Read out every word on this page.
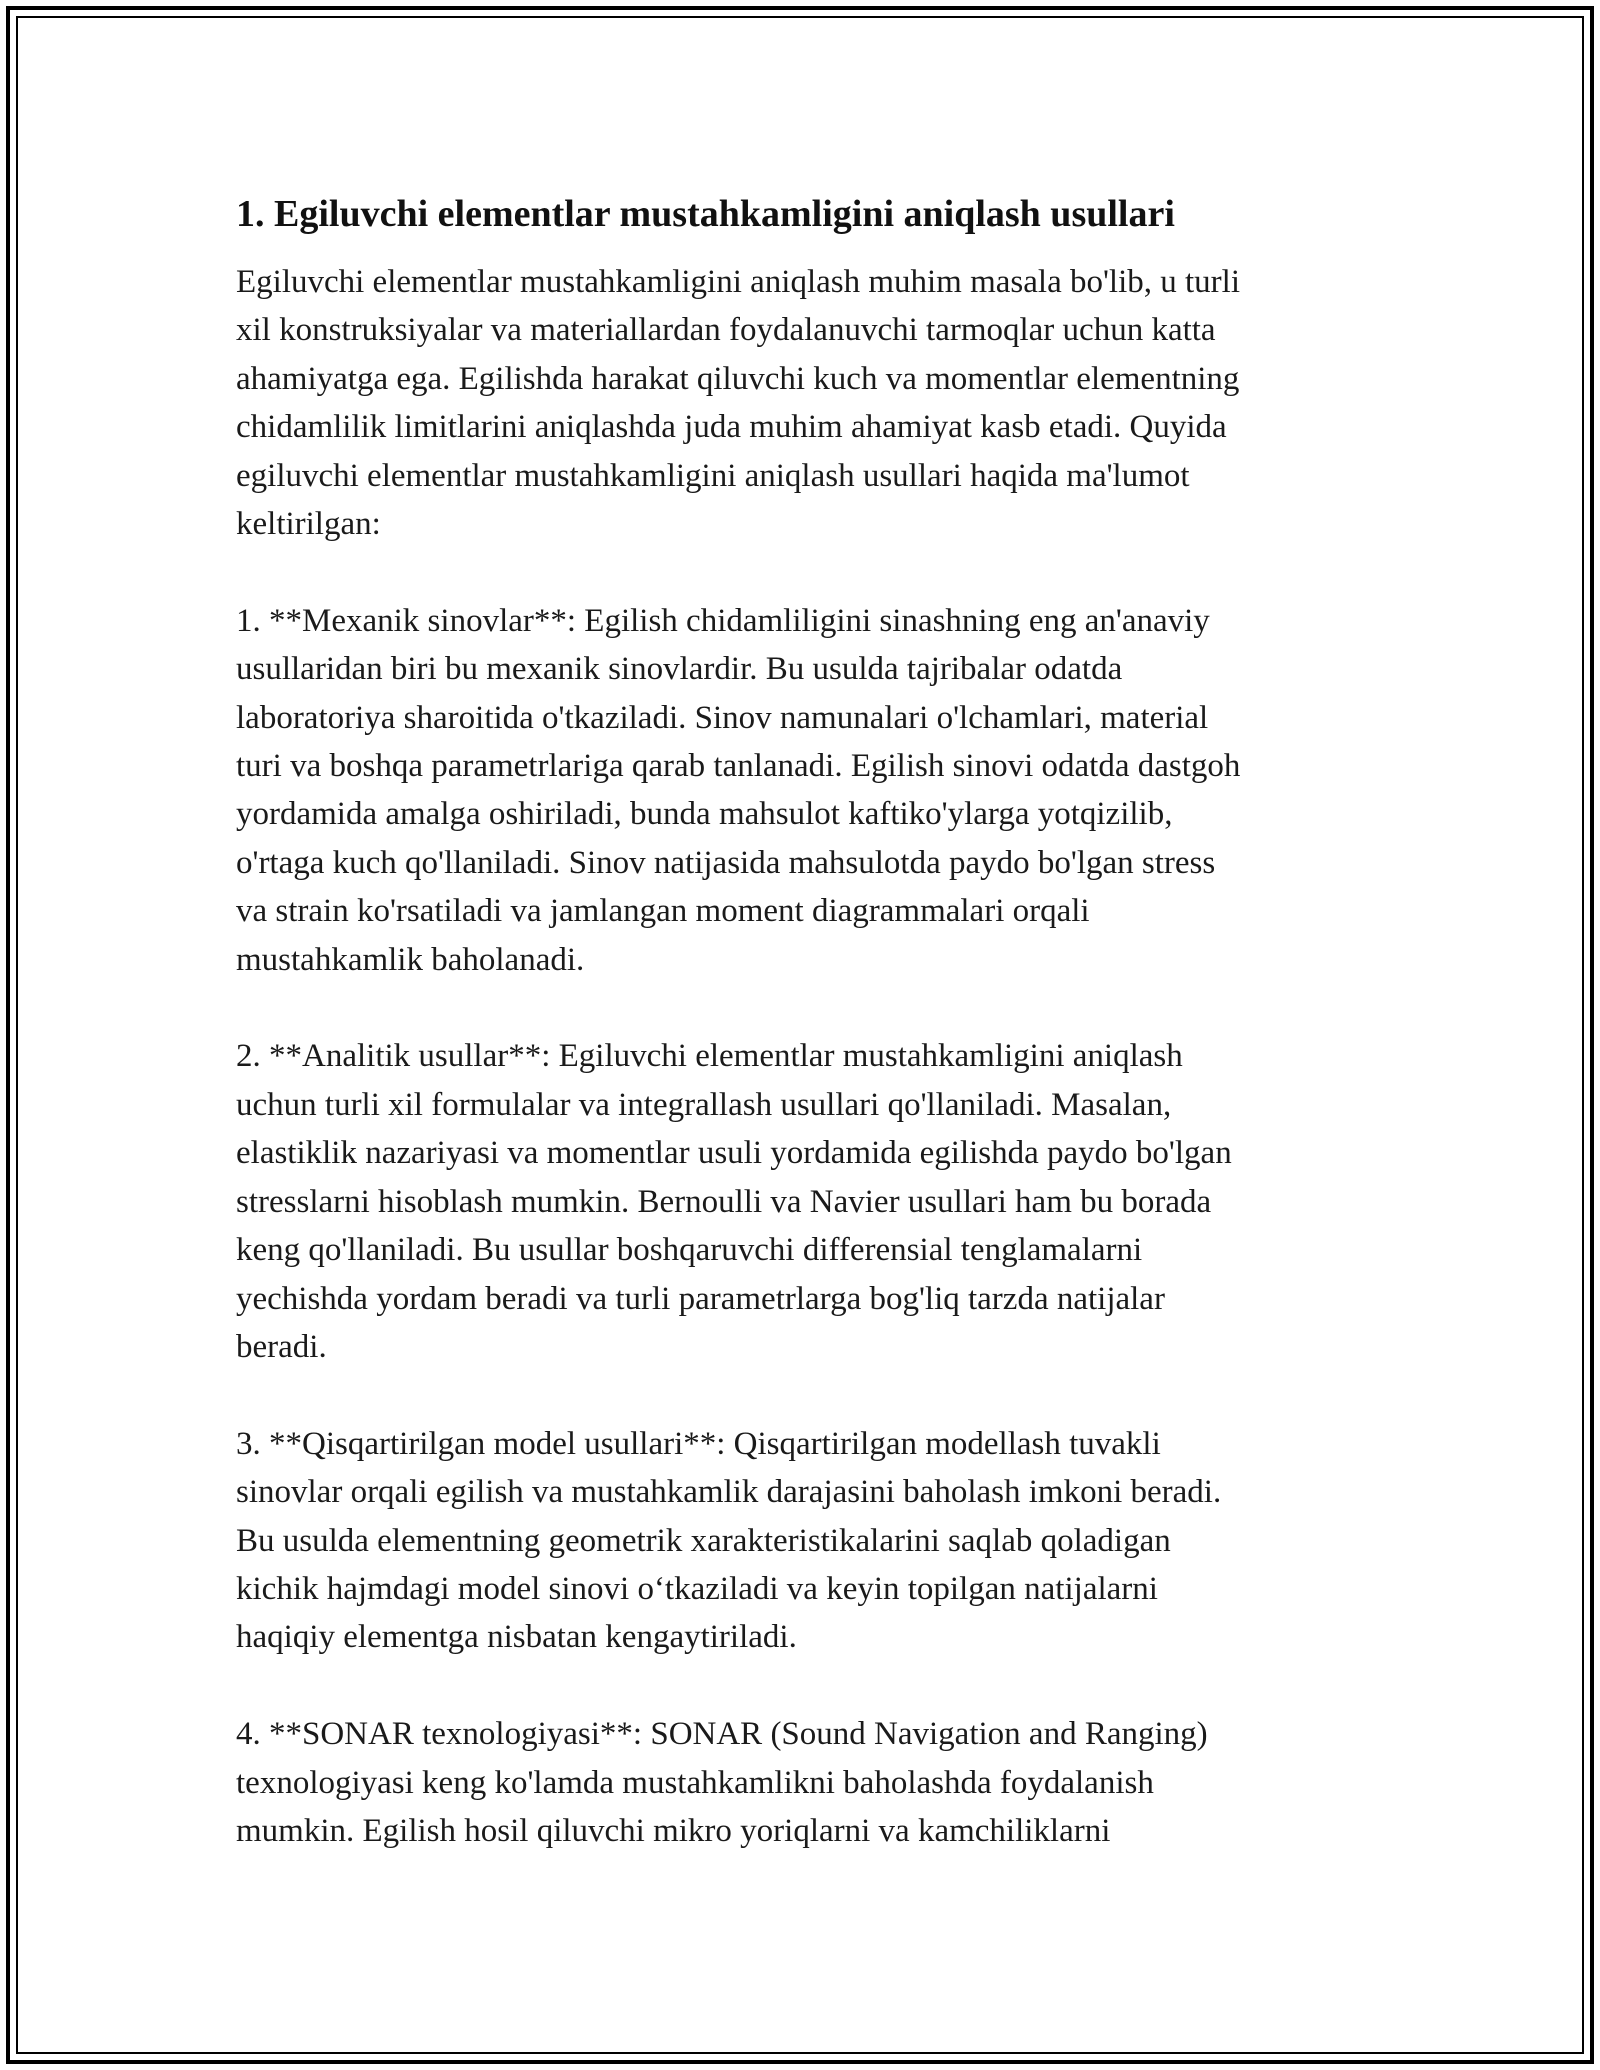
1. Egiluvchi elementlar mustahkamligini aniqlash usullari

Egiluvchi elementlar mustahkamligini aniqlash muhim masala bo'lib, u turli
xil konstruksiyalar va materiallardan foydalanuvchi tarmoqlar uchun katta
ahamiyatga ega. Egilishda harakat qiluvchi kuch va momentlar elementning
chidamlilik limitlarini aniqlashda juda muhim ahamiyat kasb etadi. Quyida
egiluvchi elementlar mustahkamligini aniqlash usullari haqida ma'lumot
keltirilgan:

1. **Mexanik sinovlar**: Egilish chidamliligini sinashning eng an'anaviy
usullaridan biri bu mexanik sinovlardir. Bu usulda tajribalar odatda
laboratoriya sharoitida o'tkaziladi. Sinov namunalari o'lchamlari, material
turi va boshqa parametrlariga qarab tanlanadi. Egilish sinovi odatda dastgoh
yordamida amalga oshiriladi, bunda mahsulot kaftiko'ylarga yotqizilib,
o'rtaga kuch qo'llaniladi. Sinov natijasida mahsulotda paydo bo'lgan stress
va strain ko'rsatiladi va jamlangan moment diagrammalari orqali
mustahkamlik baholanadi.

2. **Analitik usullar**: Egiluvchi elementlar mustahkamligini aniqlash
uchun turli xil formulalar va integrallash usullari qo'llaniladi. Masalan,
elastiklik nazariyasi va momentlar usuli yordamida egilishda paydo bo'lgan
stresslarni hisoblash mumkin. Bernoulli va Navier usullari ham bu borada
keng qo'llaniladi. Bu usullar boshqaruvchi differensial tenglamalarni
yechishda yordam beradi va turli parametrlarga bog'liq tarzda natijalar
beradi.

3. **Qisqartirilgan model usullari**: Qisqartirilgan modellash tuvakli
sinovlar orqali egilish va mustahkamlik darajasini baholash imkoni beradi.
Bu usulda elementning geometrik xarakteristikalarini saqlab qoladigan
kichik hajmdagi model sinovi o‘tkaziladi va keyin topilgan natijalarni
haqiqiy elementga nisbatan kengaytiriladi.

4. **SONAR texnologiyasi**: SONAR (Sound Navigation and Ranging)
texnologiyasi keng ko'lamda mustahkamlikni baholashda foydalanish
mumkin. Egilish hosil qiluvchi mikro yoriqlarni va kamchiliklarni
